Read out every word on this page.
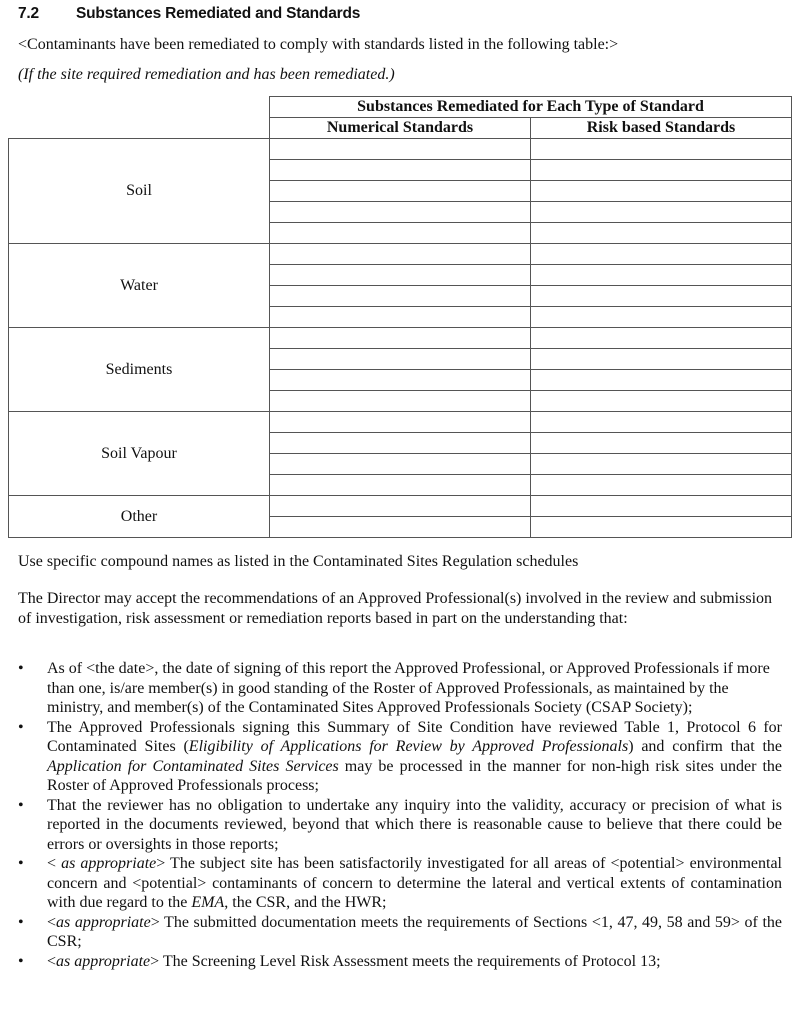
7.2 Substances Remediated and Standards
<Contaminants have been remediated to comply with standards listed in the following table:>
(If the site required remediation and has been remediated.)
	Substances Remediated for Each Type of Standard	
	Numerical Standards	Risk based Standards
Soil		

Water		

Sediments		

Soil Vapour		

Other		

Use specific compound names as listed in the Contaminated Sites Regulation schedules
The Director may accept the recommendations of an Approved Professional(s) involved in the review and submission of investigation, risk assessment or remediation reports based in part on the understanding that:
• As of <the date>, the date of signing of this report the Approved Professional, or Approved Professionals if more than one, is/are member(s) in good standing of the Roster of Approved Professionals, as maintained by the ministry, and member(s) of the Contaminated Sites Approved Professionals Society (CSAP Society);
• The Approved Professionals signing this Summary of Site Condition have reviewed Table 1, Protocol 6 for Contaminated Sites (Eligibility of Applications for Review by Approved Professionals) and confirm that the Application for Contaminated Sites Services may be processed in the manner for non-high risk sites under the Roster of Approved Professionals process;
• That the reviewer has no obligation to undertake any inquiry into the validity, accuracy or precision of what is reported in the documents reviewed, beyond that which there is reasonable cause to believe that there could be errors or oversights in those reports;
• < as appropriate> The subject site has been satisfactorily investigated for all areas of <potential> environmental concern and <potential> contaminants of concern to determine the lateral and vertical extents of contamination with due regard to the EMA, the CSR, and the HWR;
• <as appropriate> The submitted documentation meets the requirements of Sections <1, 47, 49, 58 and 59> of the CSR;
• <as appropriate> The Screening Level Risk Assessment meets the requirements of Protocol 13;
